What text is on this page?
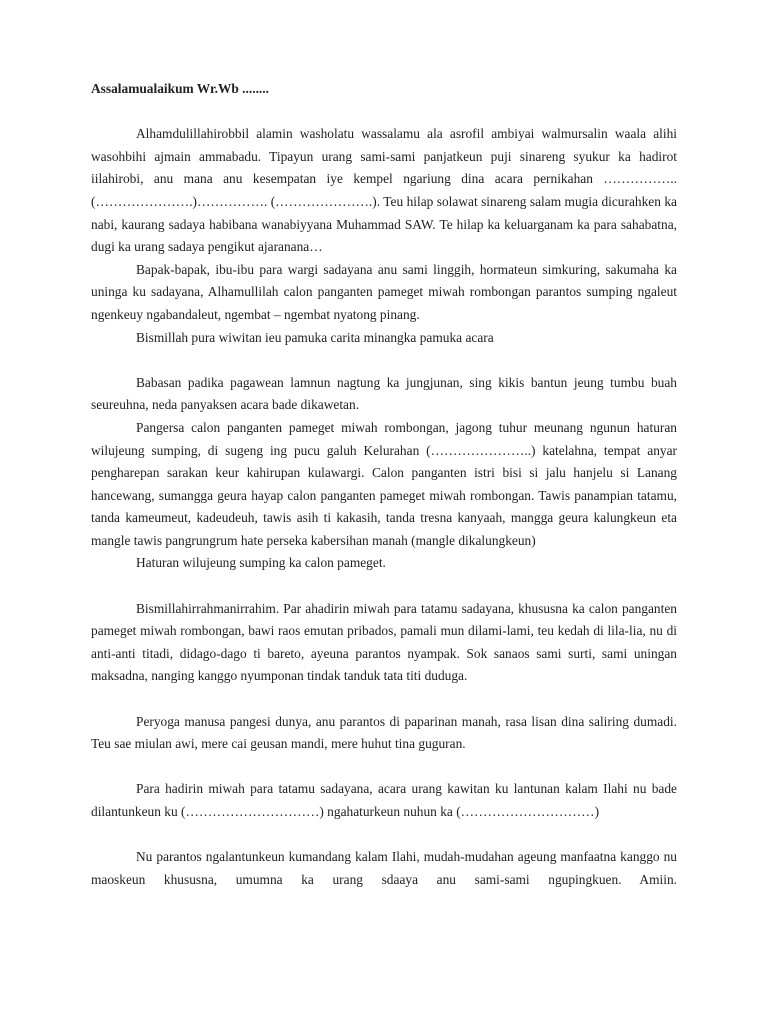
Assalamualaikum Wr.Wb ........

Alhamdulillahirobbil alamin washolatu wassalamu ala asrofil ambiyai walmursalin waala alihi wasohbihi ajmain ammabadu. Tipayun urang sami-sami panjatkeun puji sinareng syukur ka hadirot iilahirobi, anu mana anu kesempatan iye kempel ngariung dina acara pernikahan …………….. (………………….)……………. (………………….). Teu hilap solawat sinareng salam mugia dicurahken ka nabi, kaurang sadaya habibana wanabiyyana Muhammad SAW. Te hilap ka keluarganam ka para sahabatna, dugi ka urang sadaya pengikut ajaranana…

Bapak-bapak, ibu-ibu para wargi sadayana anu sami linggih, hormateun simkuring, sakumaha ka uninga ku sadayana, Alhamullilah calon panganten pameget miwah rombongan parantos sumping ngaleut ngenkeuy ngabandaleut, ngembat – ngembat nyatong pinang.

Bismillah pura wiwitan ieu pamuka carita minangka pamuka acara

Babasan padika pagawean lamnun nagtung ka jungjunan, sing kikis bantun jeung tumbu buah seureuhna, neda panyaksen acara bade dikawetan.

Pangersa calon panganten pameget miwah rombongan, jagong tuhur meunang ngunun haturan wilujeung sumping, di sugeng ing pucu galuh Kelurahan (…………………..) katelahna, tempat anyar pengharepan sarakan keur kahirupan kulawargi. Calon panganten istri bisi si jalu hanjelu si Lanang hancewang, sumangga geura hayap calon panganten pameget miwah rombongan. Tawis panampian tatamu, tanda kameumeut, kadeudeuh, tawis asih ti kakasih, tanda tresna kanyaah, mangga geura kalungkeun eta mangle tawis pangrungrum hate perseka kabersihan manah (mangle dikalungkeun)

Haturan wilujeung sumping ka calon pameget.

Bismillahirrahmanirrahim. Par ahadirin miwah para tatamu sadayana, khususna ka calon panganten pameget miwah rombongan, bawi raos emutan pribados, pamali mun dilami-lami, teu kedah di lila-lia, nu di anti-anti titadi, didago-dago ti bareto, ayeuna parantos nyampak. Sok sanaos sami surti, sami uningan maksadna, nanging kanggo nyumponan tindak tanduk tata titi duduga.

Peryoga manusa pangesi dunya, anu parantos di paparinan manah, rasa lisan dina saliring dumadi. Teu sae miulan awi, mere cai geusan mandi, mere huhut tina guguran.

Para hadirin miwah para tatamu sadayana, acara urang kawitan ku lantunan kalam Ilahi nu bade dilantunkeun ku (…………………………) ngahaturkeun nuhun ka (…………………………)

Nu parantos ngalantunkeun kumandang kalam Ilahi, mudah-mudahan ageung manfaatna kanggo nu maoskeun khususna, umumna ka urang sdaaya anu sami-sami ngupingkuen. Amiin.
